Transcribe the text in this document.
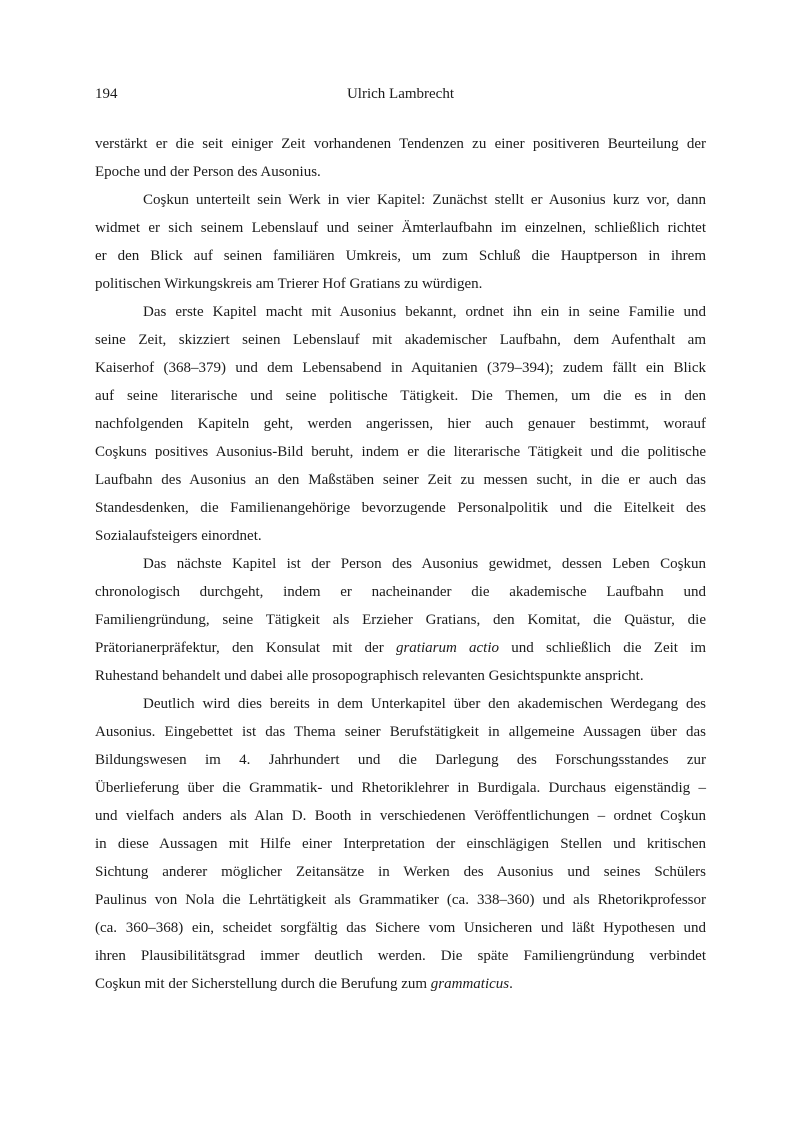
194	Ulrich Lambrecht
verstärkt er die seit einiger Zeit vorhandenen Tendenzen zu einer positiveren Beurteilung der
Epoche und der Person des Ausonius.
Coşkun unterteilt sein Werk in vier Kapitel: Zunächst stellt er Ausonius kurz vor, dann
widmet er sich seinem Lebenslauf und seiner Ämterlaufbahn im einzelnen, schließlich richtet
er den Blick auf seinen familiären Umkreis, um zum Schluß die Hauptperson in ihrem
politischen Wirkungskreis am Trierer Hof Gratians zu würdigen.
Das erste Kapitel macht mit Ausonius bekannt, ordnet ihn ein in seine Familie und
seine Zeit, skizziert seinen Lebenslauf mit akademischer Laufbahn, dem Aufenthalt am
Kaiserhof (368–379) und dem Lebensabend in Aquitanien (379–394); zudem fällt ein Blick
auf seine literarische und seine politische Tätigkeit. Die Themen, um die es in den
nachfolgenden Kapiteln geht, werden angerissen, hier auch genauer bestimmt, worauf
Coşkuns positives Ausonius-Bild beruht, indem er die literarische Tätigkeit und die politische
Laufbahn des Ausonius an den Maßstäben seiner Zeit zu messen sucht, in die er auch das
Standesdenken, die Familienangehörige bevorzugende Personalpolitik und die Eitelkeit des
Sozialaufsteigers einordnet.
Das nächste Kapitel ist der Person des Ausonius gewidmet, dessen Leben Coşkun
chronologisch durchgeht, indem er nacheinander die akademische Laufbahn und
Familiengründung, seine Tätigkeit als Erzieher Gratians, den Komitat, die Quästur, die
Prätorianerpräfektur, den Konsulat mit der gratiarum actio und schließlich die Zeit im
Ruhestand behandelt und dabei alle prosopographisch relevanten Gesichtspunkte anspricht.
Deutlich wird dies bereits in dem Unterkapitel über den akademischen Werdegang des
Ausonius. Eingebettet ist das Thema seiner Berufstätigkeit in allgemeine Aussagen über das
Bildungswesen im 4. Jahrhundert und die Darlegung des Forschungsstandes zur
Überlieferung über die Grammatik- und Rhetoriklehrer in Burdigala. Durchaus eigenständig –
und vielfach anders als Alan D. Booth in verschiedenen Veröffentlichungen – ordnet Coşkun
in diese Aussagen mit Hilfe einer Interpretation der einschlägigen Stellen und kritischen
Sichtung anderer möglicher Zeitansätze in Werken des Ausonius und seines Schülers
Paulinus von Nola die Lehrtätigkeit als Grammatiker (ca. 338–360) und als Rhetorikprofessor
(ca. 360–368) ein, scheidet sorgfältig das Sichere vom Unsicheren und läßt Hypothesen und
ihren Plausibilitätsgrad immer deutlich werden. Die späte Familiengründung verbindet
Coşkun mit der Sicherstellung durch die Berufung zum grammaticus.
